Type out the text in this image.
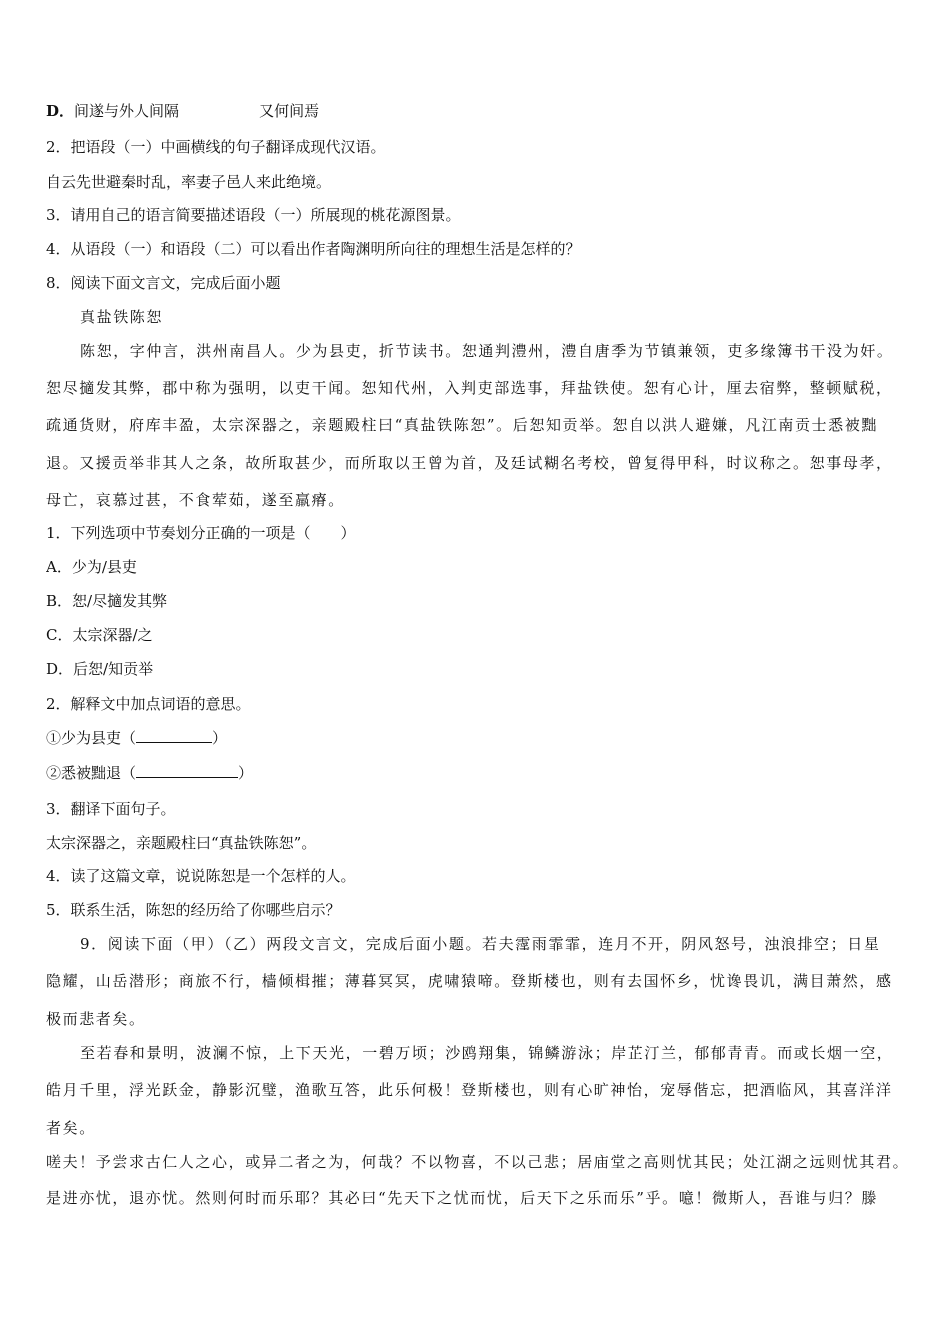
D．间遂与外人间隔	又何间焉
2．把语段（一）中画横线的句子翻译成现代汉语。
自云先世避秦时乱，率妻子邑人来此绝境。
3．请用自己的语言简要描述语段（一）所展现的桃花源图景。
4．从语段（一）和语段（二）可以看出作者陶渊明所向往的理想生活是怎样的？
8．阅读下面文言文，完成后面小题
真盐铁陈恕
陈恕，字仲言，洪州南昌人。少为县吏，折节读书。恕通判澧州，澧自唐季为节镇兼领，吏多缘簿书干没为奸。
恕尽擿发其弊，郡中称为强明，以吏干闻。恕知代州，入判吏部选事，拜盐铁使。恕有心计，厘去宿弊，整顿赋税，
疏通货财，府库丰盈，太宗深器之，亲题殿柱曰“真盐铁陈恕”。后恕知贡举。恕自以洪人避嫌，凡江南贡士悉被黜
退。又援贡举非其人之条，故所取甚少，而所取以王曾为首，及廷试糊名考校，曾复得甲科，时议称之。恕事母孝，
母亡，哀慕过甚，不食荤茹，遂至羸瘠。
1．下列选项中节奏划分正确的一项是（　　）
A．少为/县吏
B．恕/尽擿发其弊
C．太宗深器/之
D．后恕/知贡举
2．解释文中加点词语的意思。
①少为县吏（	）
②悉被黜退（	）
3．翻译下面句子。
太宗深器之，亲题殿柱曰“真盐铁陈恕”。
4．读了这篇文章，说说陈恕是一个怎样的人。
5．联系生活，陈恕的经历给了你哪些启示？
9．阅读下面（甲）（乙）两段文言文，完成后面小题。若夫霪雨霏霏，连月不开，阴风怒号，浊浪排空；日星
隐耀，山岳潜形；商旅不行，樯倾楫摧；薄暮冥冥，虎啸猿啼。登斯楼也，则有去国怀乡，忧谗畏讥，满目萧然，感
极而悲者矣。
至若春和景明，波澜不惊，上下天光，一碧万顷；沙鸥翔集，锦鳞游泳；岸芷汀兰，郁郁青青。而或长烟一空，
皓月千里，浮光跃金，静影沉璧，渔歌互答，此乐何极！登斯楼也，则有心旷神怡，宠辱偕忘，把酒临风，其喜洋洋
者矣。
嗟夫！予尝求古仁人之心，或异二者之为，何哉？不以物喜，不以己悲；居庙堂之高则忧其民；处江湖之远则忧其君。
是进亦忧，退亦忧。然则何时而乐耶？其必曰“先天下之忧而忧，后天下之乐而乐”乎。噫！微斯人，吾谁与归？滕
